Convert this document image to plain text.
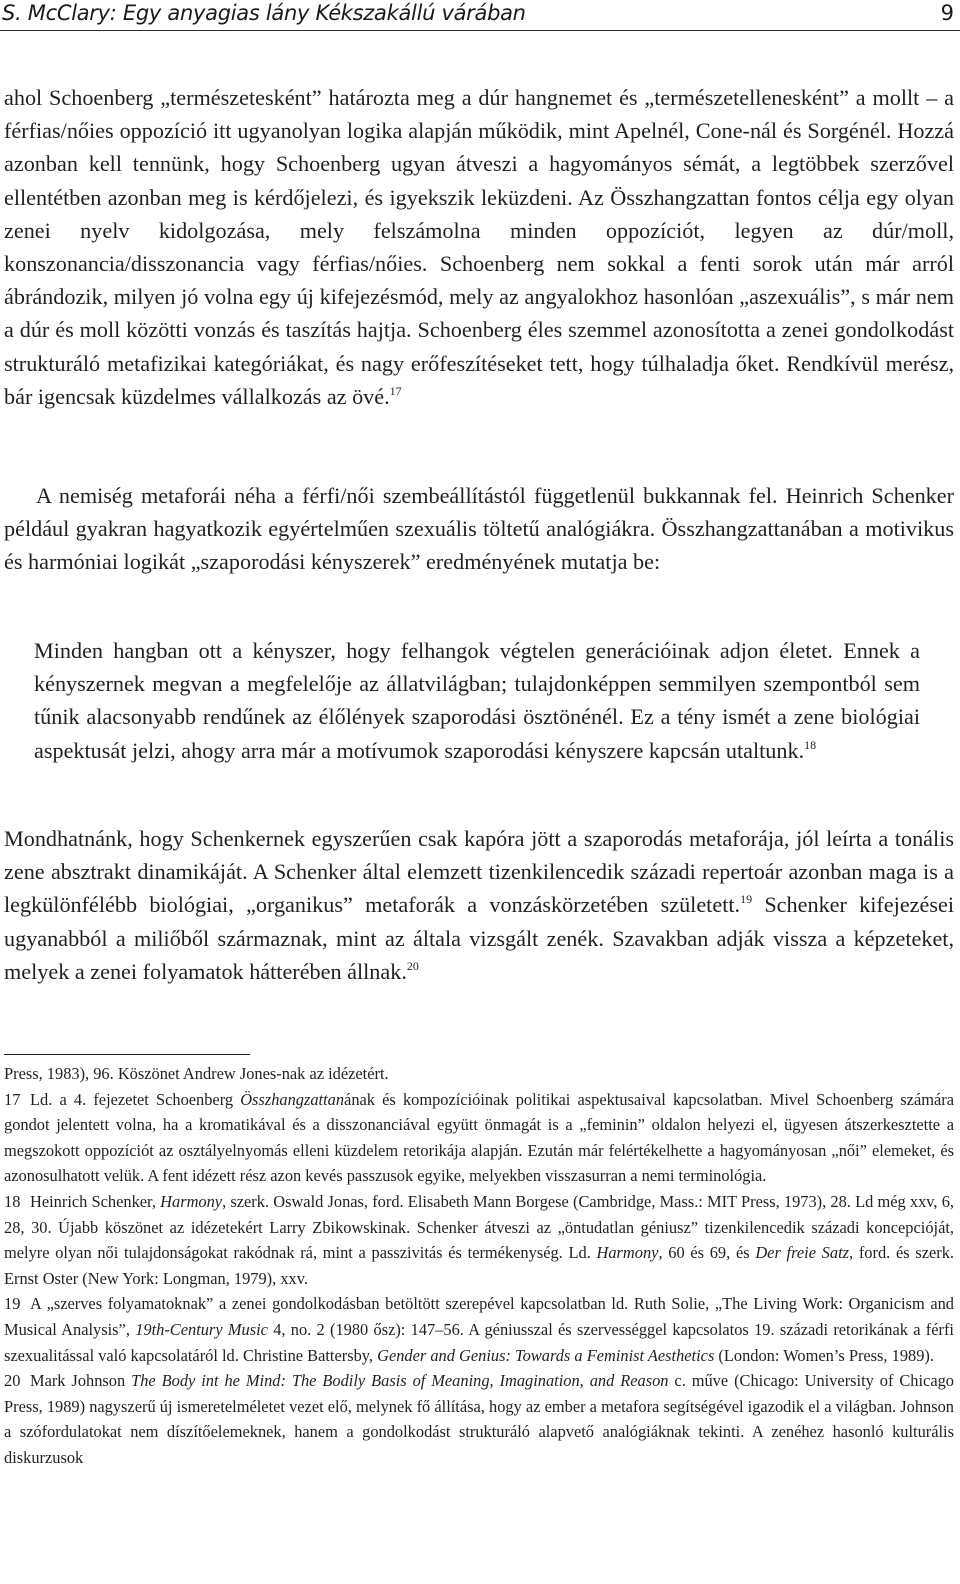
S. McClary: Egy anyagias lány Kékszakállú várában	9

ahol Schoenberg „természetesként” határozta meg a dúr hangnemet és „természetellenesként” a mollt – a férfias/nőies oppozíció itt ugyanolyan logika alapján működik, mint Apelnél, Cone-nál és Sorgénél. Hozzá azonban kell tennünk, hogy Schoenberg ugyan átveszi a hagyományos sémát, a legtöbbek szerzővel ellentétben azonban meg is kérdőjelezi, és igyekszik leküzdeni. Az Összhangzattan fontos célja egy olyan zenei nyelv kidolgozása, mely felszámolna minden oppozíciót, legyen az dúr/moll, konszonancia/disszonancia vagy férfias/nőies. Schoenberg nem sokkal a fenti sorok után már arról ábrándozik, milyen jó volna egy új kifejezésmód, mely az angyalokhoz hasonlóan „aszexuális”, s már nem a dúr és moll közötti vonzás és taszítás hajtja. Schoenberg éles szemmel azonosította a zenei gondolkodást strukturáló metafizikai kategóriákat, és nagy erőfeszítéseket tett, hogy túlhaladja őket. Rendkívül merész, bár igencsak küzdelmes vállalkozás az övé.$^{17}$

A nemiség metaforái néha a férfi/női szembeállítástól függetlenül bukkannak fel. Heinrich Schenker például gyakran hagyatkozik egyértelműen szexuális töltetű analógiákra. Összhangzattanában a motivikus és harmóniai logikát „szaporodási kényszerek” eredményének mutatja be:

Minden hangban ott a kényszer, hogy felhangok végtelen generációinak adjon életet. Ennek a kényszernek megvan a megfelelője az állatvilágban; tulajdonképpen semmilyen szempontból sem tűnik alacsonyabb rendűnek az élőlények szaporodási ösztönénél. Ez a tény ismét a zene biológiai aspektusát jelzi, ahogy arra már a motívumok szaporodási kényszere kapcsán utaltunk.$^{18}$

Mondhatnánk, hogy Schenkernek egyszerűen csak kapóra jött a szaporodás metaforája, jól leírta a tonális zene absztrakt dinamikáját. A Schenker által elemzett tizenkilencedik századi repertoár azonban maga is a legkülönfélébb biológiai, „organikus” metaforák a vonzáskörzetében született.$^{19}$ Schenker kifejezései ugyanabból a miliőből származnak, mint az általa vizsgált zenék. Szavakban adják vissza a képzeteket, melyek a zenei folyamatok hátterében állnak.$^{20}$

Press, 1983), 96. Köszönet Andrew Jones-nak az idézetért.

17 Ld. a 4. fejezetet Schoenberg Összhangzattanának és kompozícióinak politikai aspektusaival kapcsolatban. Mivel Schoenberg számára gondot jelentett volna, ha a kromatikával és a disszonanciával együtt önmagát is a „feminin” oldalon helyezi el, ügyesen átszerkesztette a megszokott oppozíciót az osztályelnyomás elleni küzdelem retorikája alapján. Ezután már felértékelhette a hagyományosan „női” elemeket, és azonosulhatott velük. A fent idézett rész azon kevés passzusok egyike, melyekben visszasurran a nemi terminológia.

18 Heinrich Schenker, Harmony, szerk. Oswald Jonas, ford. Elisabeth Mann Borgese (Cambridge, Mass.: MIT Press, 1973), 28. Ld még xxv, 6, 28, 30. Újabb köszönet az idézetekért Larry Zbikowskinak. Schenker átveszi az „öntudatlan géniusz” tizenkilencedik századi koncepcióját, melyre olyan női tulajdonságokat rakódnak rá, mint a passzivitás és termékenység. Ld. Harmony, 60 és 69, és Der freie Satz, ford. és szerk. Ernst Oster (New York: Longman, 1979), xxv.

19 A „szerves folyamatoknak” a zenei gondolkodásban betöltött szerepével kapcsolatban ld. Ruth Solie, „The Living Work: Organicism and Musical Analysis”, 19th-Century Music 4, no. 2 (1980 ősz): 147–56. A géniusszal és szervességgel kapcsolatos 19. századi retorikának a férfi szexualitással való kapcsolatáról ld. Christine Battersby, Gender and Genius: Towards a Feminist Aesthetics (London: Women’s Press, 1989).

20 Mark Johnson The Body int he Mind: The Bodily Basis of Meaning, Imagination, and Reason c. műve (Chicago: University of Chicago Press, 1989) nagyszerű új ismeretelméletet vezet elő, melynek fő állítása, hogy az ember a metafora segítségével igazodik el a világban. Johnson a szófordulatokat nem díszítőelemeknek, hanem a gondolkodást strukturáló alapvető analógiáknak tekinti. A zenéhez hasonló kulturális diskurzusok
